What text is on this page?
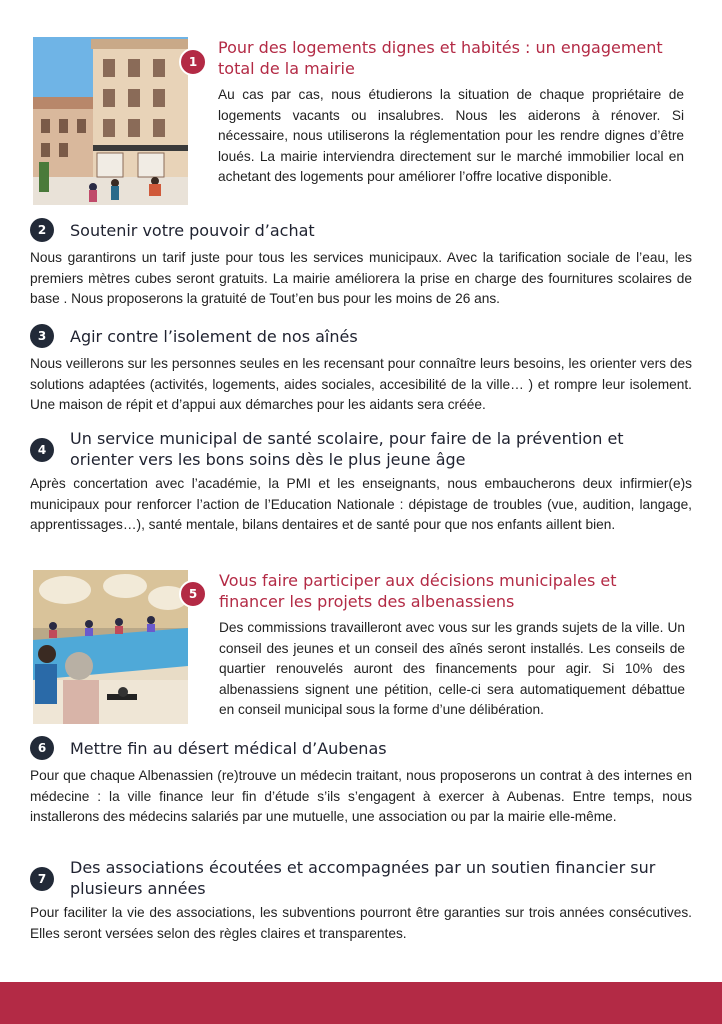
1
Pour des logements dignes et habités : un engagement total de la mairie
Au cas par cas, nous étudierons la situation de chaque propriétaire de logements vacants ou insalubres. Nous les aiderons à rénover. Si nécessaire, nous utiliserons la réglementation pour les rendre dignes d’être loués. La mairie interviendra directement sur le marché immobilier local en achetant des logements pour améliorer l’offre locative disponible.
2	Soutenir votre pouvoir d’achat
Nous garantirons un tarif juste pour tous les services municipaux. Avec la tarification sociale de l’eau, les premiers mètres cubes seront gratuits. La mairie améliorera la prise en charge des fournitures scolaires de base . Nous proposerons la gratuité de Tout’en bus pour les moins de 26 ans.
3	Agir contre l’isolement de nos aînés
Nous veillerons sur les personnes seules en les recensant pour connaître leurs besoins, les orienter vers des solutions adaptées (activités, logements, aides sociales, accesibilité de la ville… ) et rompre leur isolement. Une maison de répit et d’appui aux démarches pour les aidants sera créée.
4
Un service municipal de santé scolaire, pour faire de la prévention et orienter vers les bons soins dès le plus jeune âge
Après concertation avec l’académie, la PMI et les enseignants, nous embaucherons deux infirmier(e)s municipaux pour renforcer l’action de l’Education Nationale : dépistage de troubles (vue, audition, langage, apprentissages…), santé mentale, bilans dentaires et de santé pour que nos enfants aillent bien.
5
Vous faire participer aux décisions municipales et financer les projets des albenassiens
Des commissions travailleront avec vous sur les grands sujets de la ville. Un conseil des jeunes et un conseil des aînés seront installés. Les conseils de quartier renouvelés auront des financements pour agir. Si 10% des albenassiens signent une pétition, celle-ci sera automatiquement débattue en conseil municipal sous la forme d’une délibération.
6	Mettre fin au désert médical d’Aubenas
Pour que chaque Albenassien (re)trouve un médecin traitant, nous proposerons un contrat à des internes en médecine : la ville finance leur fin d’étude s’ils s’engagent à exercer à Aubenas. Entre temps, nous installerons des médecins salariés par une mutuelle, une association ou par la mairie elle-même.
7
Des associations écoutées et accompagnées par un soutien financier sur plusieurs années
Pour faciliter la vie des associations, les subventions pourront être garanties sur trois années consécutives. Elles seront versées selon des règles claires et transparentes.
